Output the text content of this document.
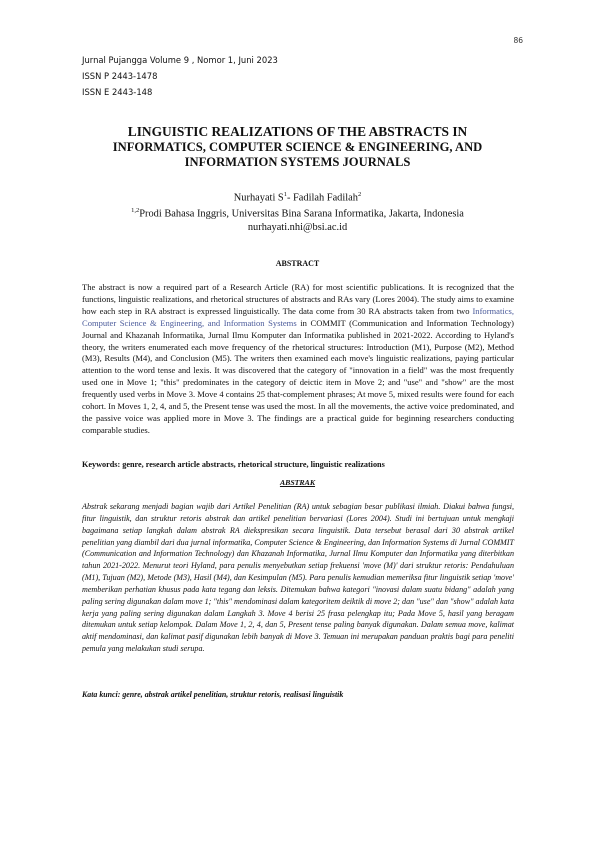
86
Jurnal Pujangga Volume 9 , Nomor 1, Juni 2023
ISSN P 2443-1478
ISSN E 2443-148
LINGUISTIC REALIZATIONS OF THE ABSTRACTS IN
INFORMATICS, COMPUTER SCIENCE & ENGINEERING, AND
INFORMATION SYSTEMS JOURNALS
Nurhayati $S^1-$ Fadilah Fadilah$^2$
$^{1,2}$Prodi Bahasa Inggris, Universitas Bina Sarana Informatika, Jakarta, Indonesia
nurhayati.nhi@bsi.ac.id
ABSTRACT
The abstract is now a required part of a Research Article (RA) for most scientific publications. It is recognized that the functions, linguistic realizations, and rhetorical structures of abstracts and RAs vary (Lores 2004). The study aims to examine how each step in RA abstract is expressed linguistically. The data come from 30 RA abstracts taken from two Informatics, Computer Science & Engineering, and Information Systems in COMMIT (Communication and Information Technology) Journal and Khazanah Informatika, Jurnal Ilmu Komputer dan Informatika published in 2021-2022. According to Hyland's theory, the writers enumerated each move frequency of the rhetorical structures: Introduction (M1), Purpose (M2), Method (M3), Results (M4), and Conclusion (M5). The writers then examined each move's linguistic realizations, paying particular attention to the word tense and lexis. It was discovered that the category of "innovation in a field" was the most frequently used one in Move 1; "this" predominates in the category of deictic item in Move 2; and "use" and "show" are the most frequently used verbs in Move 3. Move 4 contains 25 that-complement phrases; At move 5, mixed results were found for each cohort. In Moves 1, 2, 4, and 5, the Present tense was used the most. In all the movements, the active voice predominated, and the passive voice was applied more in Move 3. The findings are a practical guide for beginning researchers conducting comparable studies.
Keywords: genre, research article abstracts, rhetorical structure, linguistic realizations
ABSTRAK
Abstrak sekarang menjadi bagian wajib dari Artikel Penelitian (RA) untuk sebagian besar publikasi ilmiah. Diakui bahwa fungsi, fitur linguistik, dan struktur retoris abstrak dan artikel penelitian bervariasi (Lores 2004). Studi ini bertujuan untuk mengkaji bagaimana setiap langkah dalam abstrak RA diekspresikan secara linguistik. Data tersebut berasal dari 30 abstrak artikel penelitian yang diambil dari dua jurnal informatika, Computer Science & Engineering, dan Information Systems di Jurnal COMMIT (Communication and Information Technology) dan Khazanah Informatika, Jurnal Ilmu Komputer dan Informatika yang diterbitkan tahun 2021-2022. Menurut teori Hyland, para penulis menyebutkan setiap frekuensi 'move (M)' dari struktur retoris: Pendahuluan (M1), Tujuan (M2), Metode (M3), Hasil (M4), dan Kesimpulan (M5). Para penulis kemudian memeriksa fitur linguistik setiap 'move' memberikan perhatian khusus pada kata tegang dan leksis. Ditemukan bahwa kategori "inovasi dalam suatu bidang" adalah yang paling sering digunakan dalam move 1; "this" mendominasi dalam kategoritem deiktik di move 2; dan "use" dan "show" adalah kata kerja yang paling sering digunakan dalam Langkah 3. Move 4 berisi 25 frasa pelengkap itu; Pada Move 5, hasil yang beragam ditemukan untuk setiap kelompok. Dalam Move 1, 2, 4, dan 5, Present tense paling banyak digunakan. Dalam semua move, kalimat aktif mendominasi, dan kalimat pasif digunakan lebih banyak di Move 3. Temuan ini merupakan panduan praktis bagi para peneliti pemula yang melakukan studi serupa.
Kata kunci: genre, abstrak artikel penelitian, struktur retoris, realisasi linguistik
